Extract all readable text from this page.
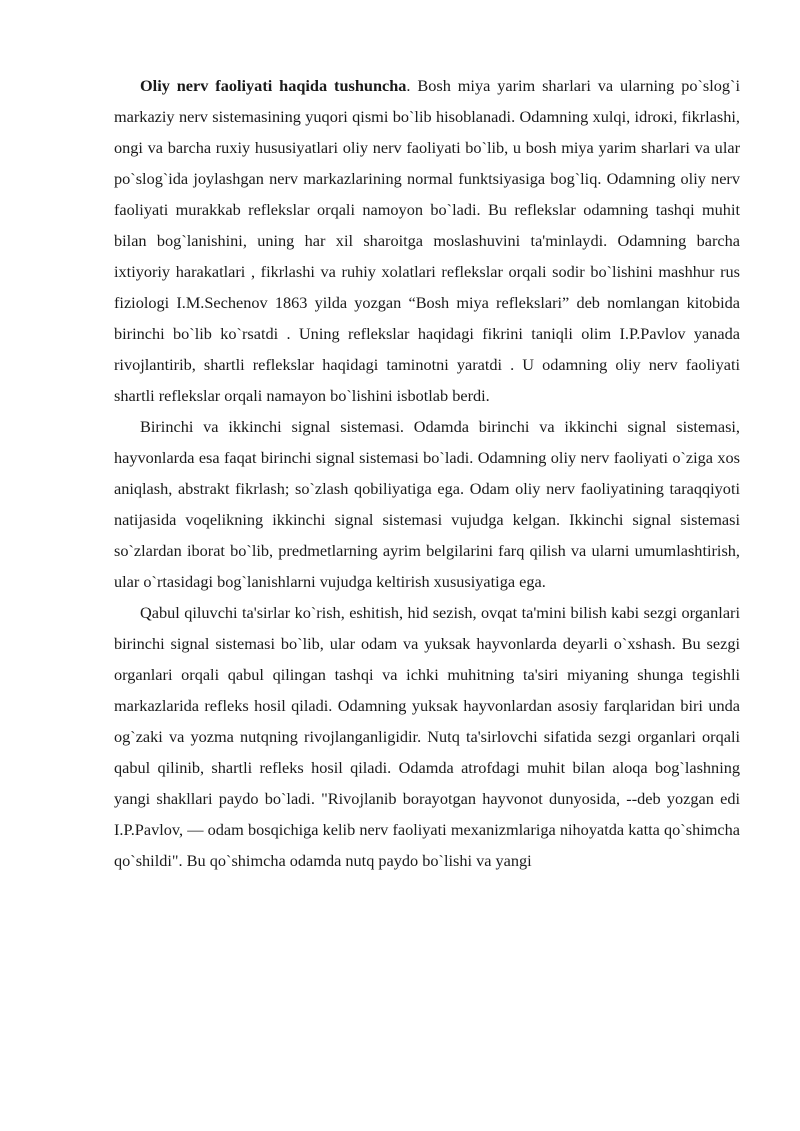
Oliy nerv faoliyati haqida tushuncha. Bosh miya yarim sharlari va ularning po`slog`i markaziy nerv sistemasining yuqori qismi bo`lib hisoblanadi. Odamning xulqi, idroкi, fikrlashi, ongi va barcha ruxiy hususiyatlari oliy nerv faoliyati bo`lib, u bosh miya yarim sharlari va ular po`slog`ida joylashgan nerv markazlarining normal funktsiyasiga bog`liq. Odamning oliy nerv faoliyati murakkab reflekslar orqali namoyon bo`ladi. Bu reflekslar odamning tashqi muhit bilan bog`lanishini, uning har xil sharoitga moslashuvini ta'minlaydi. Odamning barcha ixtiyoriy harakatlari , fikrlashi va ruhiy xolatlari reflekslar orqali sodir bo`lishini mashhur rus fiziologi I.M.Sechenov 1863 yilda yozgan “Bosh miya reflekslari” deb nomlangan kitobida birinchi bo`lib ko`rsatdi . Uning reflekslar haqidagi fikrini taniqli olim I.P.Pavlov yanada rivojlantirib, shartli reflekslar haqidagi taminotni yaratdi . U odamning oliy nerv faoliyati shartli reflekslar orqali namayon bo`lishini isbotlab berdi.

Birinchi va ikkinchi signal sistemasi. Odamda birinchi va ikkinchi signal sistemasi, hayvonlarda esa faqat birinchi signal sistemasi bo`ladi. Odamning oliy nerv faoliyati o`ziga xos aniqlash, abstrakt fikrlash; so`zlash qobiliyatiga ega. Odam oliy nerv faoliyatining taraqqiyoti natijasida voqelikning ikkinchi signal sistemasi vujudga kelgan. Ikkinchi signal sistemasi so`zlardan iborat bo`lib, predmetlarning ayrim belgilarini farq qilish va ularni umumlashtirish, ular o`rtasidagi bog`lanishlarni vujudga keltirish xususiyatiga ega.

Qabul qiluvchi ta'sirlar ko`rish, eshitish, hid sezish, ovqat ta'mini bilish kabi sezgi organlari birinchi signal sistemasi bo`lib, ular odam va yuksak hayvonlarda deyarli o`xshash. Bu sezgi organlari orqali qabul qilingan tashqi va ichki muhitning ta'siri miyaning shunga tegishli markazlarida refleks hosil qiladi. Odamning yuksak hayvonlardan asosiy farqlaridan biri unda og`zaki va yozma nutqning rivojlanganligidir. Nutq ta'sirlovchi sifatida sezgi organlari orqali qabul qilinib, shartli refleks hosil qiladi. Odamda atrofdagi muhit bilan aloqa bog`lashning yangi shakllari paydo bo`ladi. "Rivojlanib borayotgan hayvonot dunyosida, --deb yozgan edi I.P.Pavlov, — odam bosqichiga kelib nerv faoliyati mexanizmlariga nihoyatda katta qo`shimcha qo`shildi". Bu qo`shimcha odamda nutq paydo bo`lishi va yangi
